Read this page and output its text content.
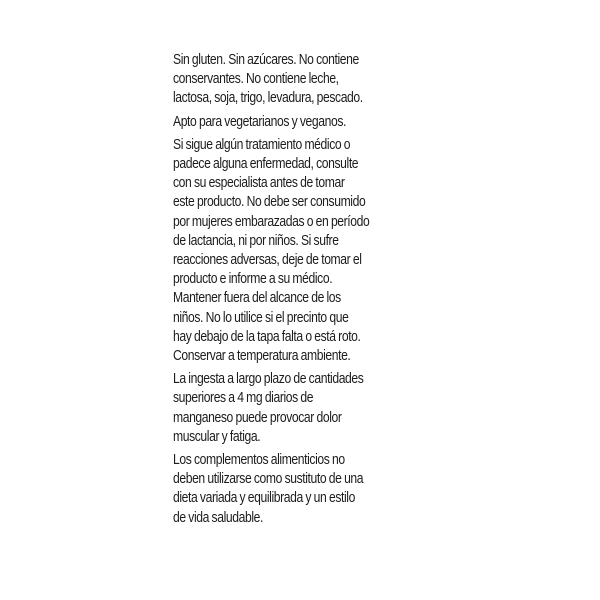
Sin gluten. Sin azúcares. No contiene

conservantes. No contiene leche,

lactosa, soja, trigo, levadura, pescado.

Apto para vegetarianos y veganos.

Si sigue algún tratamiento médico o

padece alguna enfermedad, consulte

con su especialista antes de tomar

este producto. No debe ser consumido

por mujeres embarazadas o en período

de lactancia, ni por niños. Si sufre

reacciones adversas, deje de tomar el

producto e informe a su médico.

Mantener fuera del alcance de los

niños. No lo utilice si el precinto que

hay debajo de la tapa falta o está roto.

Conservar a temperatura ambiente.

La ingesta a largo plazo de cantidades

superiores a 4 mg diarios de

manganeso puede provocar dolor

muscular y fatiga.

Los complementos alimenticios no

deben utilizarse como sustituto de una

dieta variada y equilibrada y un estilo

de vida saludable.
